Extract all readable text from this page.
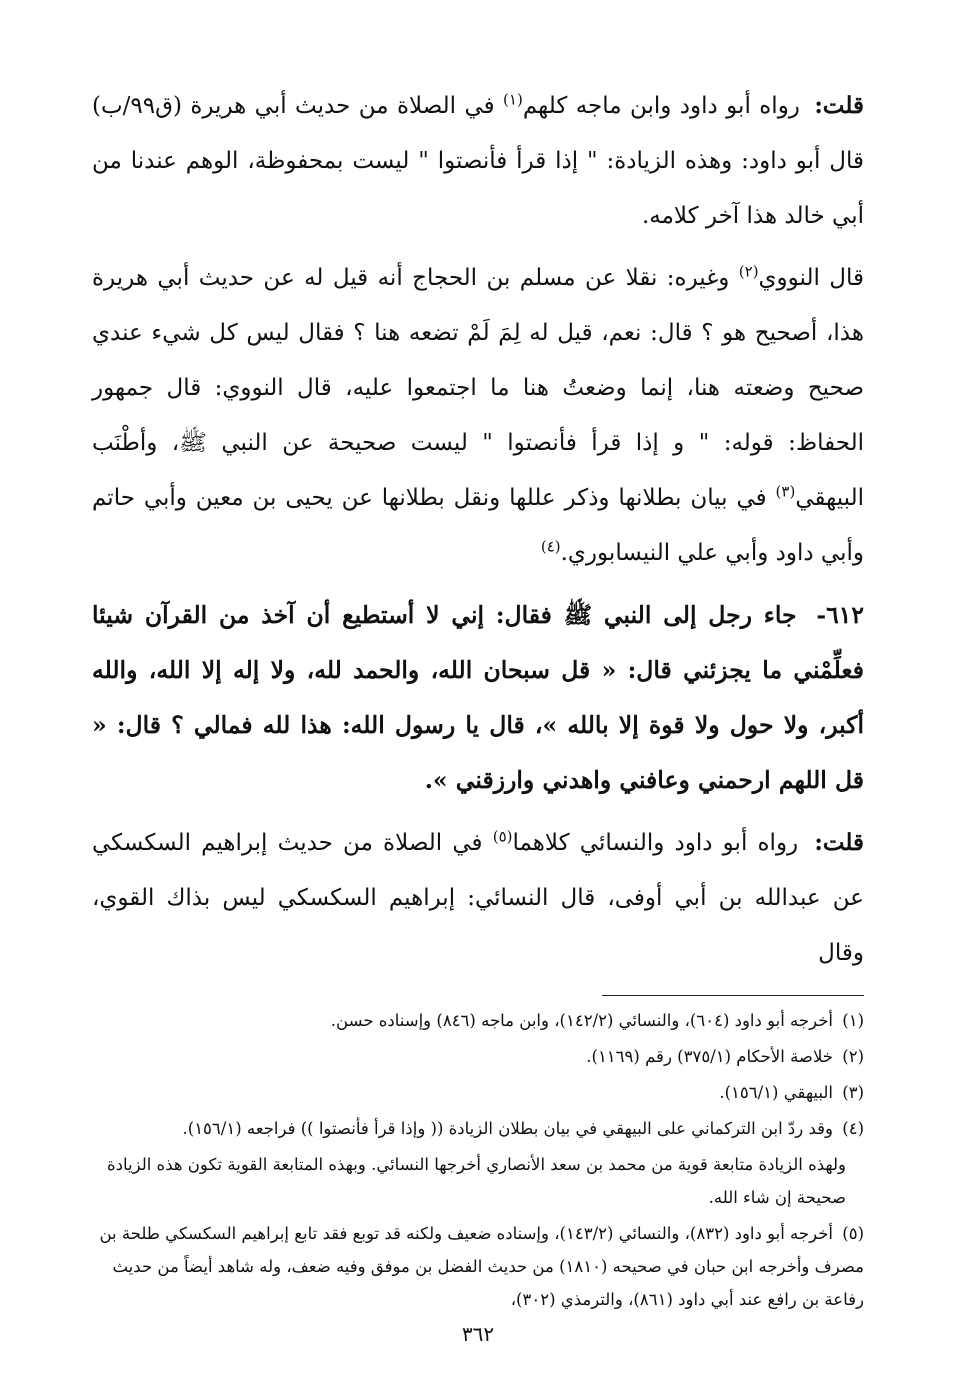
قلت: رواه أبو داود وابن ماجه كلهم$^{(١)}$ في الصلاة من حديث أبي هريرة (ق٩٩/ب) قال أبو داود: وهذه الزيادة: " إذا قرأ فأنصتوا " ليست بمحفوظة، الوهم عندنا من أبي خالد هذا آخر كلامه.

قال النووي$^{(٢)}$ وغيره: نقلا عن مسلم بن الحجاج أنه قيل له عن حديث أبي هريرة هذا، أصحيح هو ؟ قال: نعم، قيل له لِمَ لَمْ تضعه هنا ؟ فقال ليس كل شيء عندي صحيح وضعته هنا، إنما وضعتُ هنا ما اجتمعوا عليه، قال النووي: قال جمهور الحفاظ: قوله: " و إذا قرأ فأنصتوا " ليست صحيحة عن النبي ﷺ، وأطْنَب البيهقي$^{(٣)}$ في بيان بطلانها وذكر عللها ونقل بطلانها عن يحيى بن معين وأبي حاتم وأبي داود وأبي علي النيسابوري.$^{(٤)}$

٦١٢- جاء رجل إلى النبي ﷺ فقال: إني لا أستطيع أن آخذ من القرآن شيئا فعلِّمْني ما يجزئني قال: « قل سبحان الله، والحمد لله، ولا إله إلا الله، والله أكبر، ولا حول ولا قوة إلا بالله »، قال يا رسول الله: هذا لله فمالي ؟ قال: « قل اللهم ارحمني وعافني واهدني وارزقني ».

قلت: رواه أبو داود والنسائي كلاهما$^{(٥)}$ في الصلاة من حديث إبراهيم السكسكي عن عبدالله بن أبي أوفى، قال النسائي: إبراهيم السكسكي ليس بذاك القوي، وقال

(١) أخرجه أبو داود (٦٠٤)، والنسائي (١٤٢/٢)، وابن ماجه (٨٤٦) وإسناده حسن.

(٢) خلاصة الأحكام (٣٧٥/١) رقم (١١٦٩).

(٣) البيهقي (١٥٦/١).

(٤) وقد ردّ ابن التركماني على البيهقي في بيان بطلان الزيادة (( وإذا قرأ فأنصتوا )) فراجعه (١٥٦/١).

ولهذه الزيادة متابعة قوية من محمد بن سعد الأنصاري أخرجها النسائي. وبهذه المتابعة القوية تكون هذه الزيادة صحيحة إن شاء الله.

(٥) أخرجه أبو داود (٨٣٢)، والنسائي (١٤٣/٢)، وإسناده ضعيف ولكنه قد توبع فقد تابع إبراهيم السكسكي طلحة بن مصرف وأخرجه ابن حبان في صحيحه (١٨١٠) من حديث الفضل بن موفق وفيه ضعف، وله شاهد أيضاً من حديث رفاعة بن رافع عند أبي داود (٨٦١)، والترمذي (٣٠٢)،

٣٦٢
